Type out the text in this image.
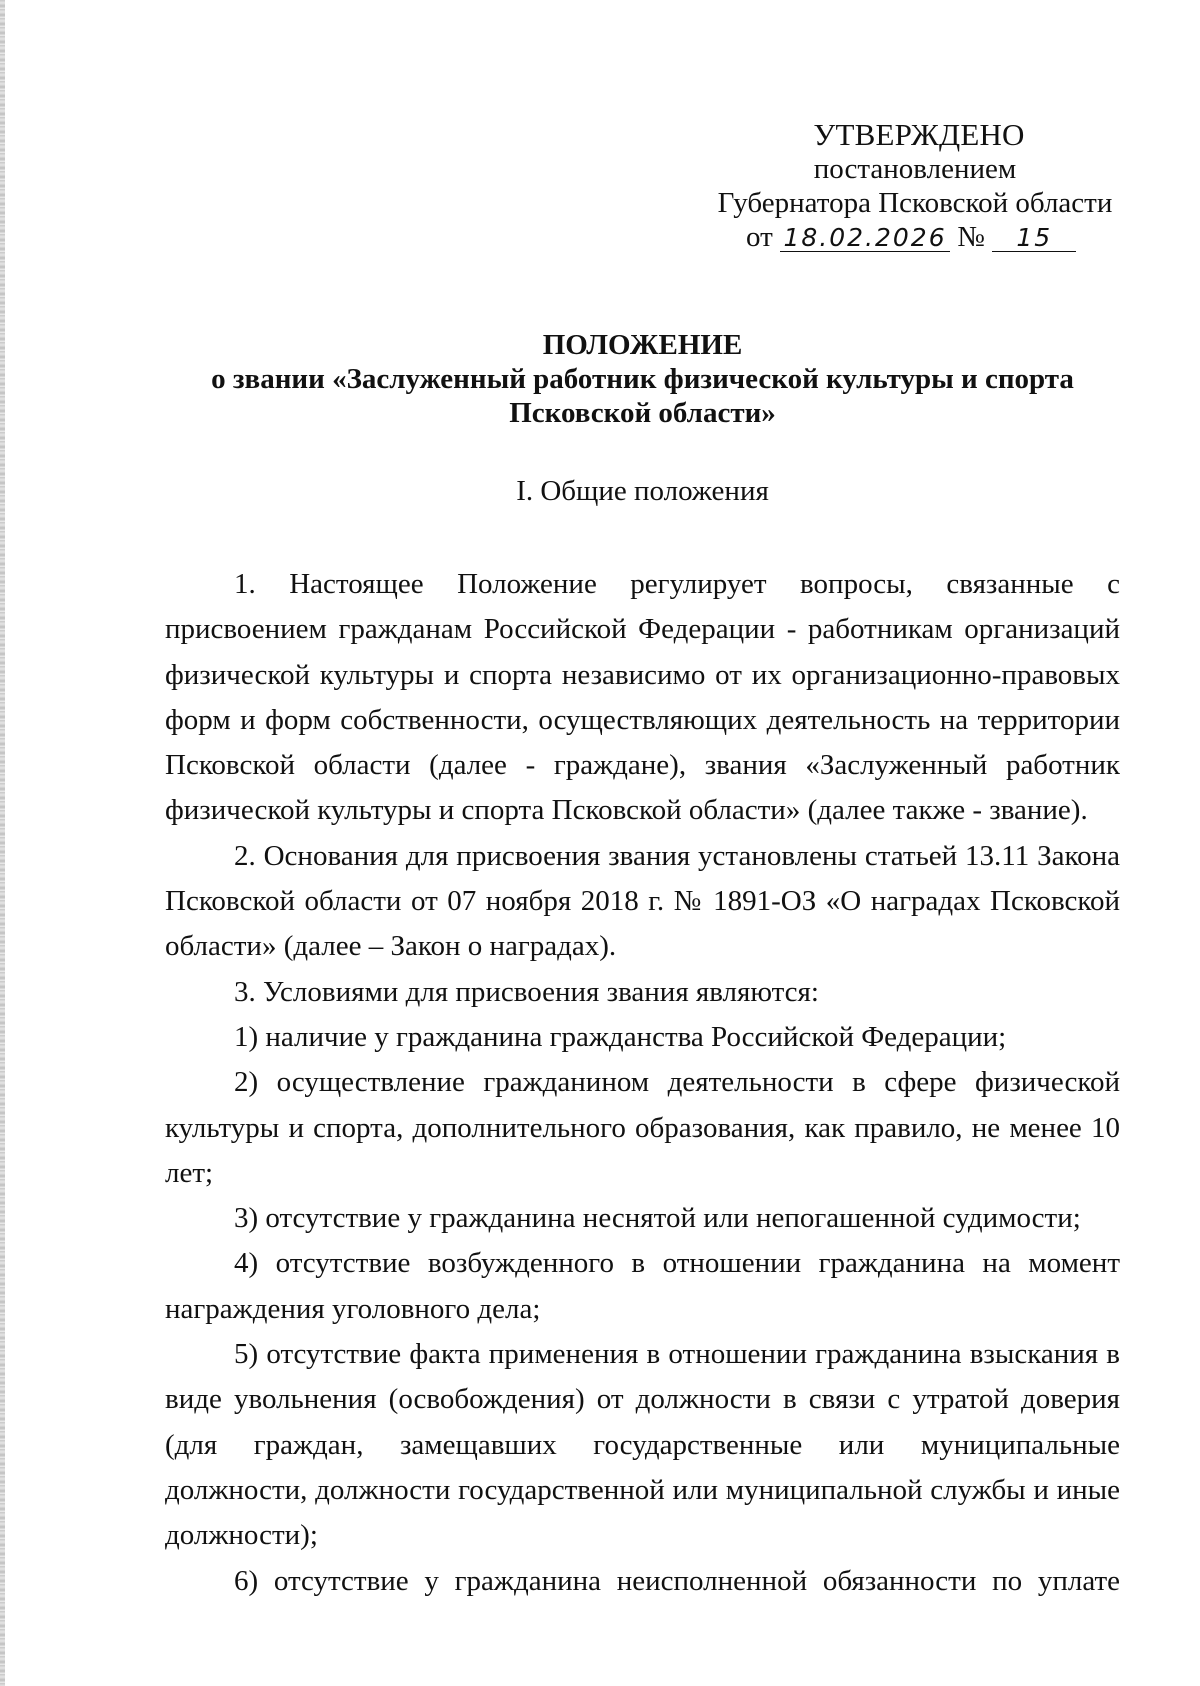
УТВЕРЖДЕНО
постановлением
Губернатора Псковской области
от 18.02.2026 № 15
ПОЛОЖЕНИЕ
о звании «Заслуженный работник физической культуры и спорта
Псковской области»
I. Общие положения

1. Настоящее Положение регулирует вопросы, связанные с присвоением гражданам Российской Федерации - работникам организаций физической культуры и спорта независимо от их организационно-правовых форм и форм собственности, осуществляющих деятельность на территории Псковской области (далее - граждане), звания «Заслуженный работник физической культуры и спорта Псковской области» (далее также - звание).

2. Основания для присвоения звания установлены статьей 13.11 Закона Псковской области от 07 ноября 2018 г. № 1891-ОЗ «О наградах Псковской области» (далее – Закон о наградах).

3. Условиями для присвоения звания являются:

1) наличие у гражданина гражданства Российской Федерации;

2) осуществление гражданином деятельности в сфере физической культуры и спорта, дополнительного образования, как правило, не менее 10 лет;

3) отсутствие у гражданина неснятой или непогашенной судимости;

4) отсутствие возбужденного в отношении гражданина на момент награждения уголовного дела;

5) отсутствие факта применения в отношении гражданина взыскания в виде увольнения (освобождения) от должности в связи с утратой доверия (для граждан, замещавших государственные или муниципальные должности, должности государственной или муниципальной службы и иные должности);

6) отсутствие у гражданина неисполненной обязанности по уплате
